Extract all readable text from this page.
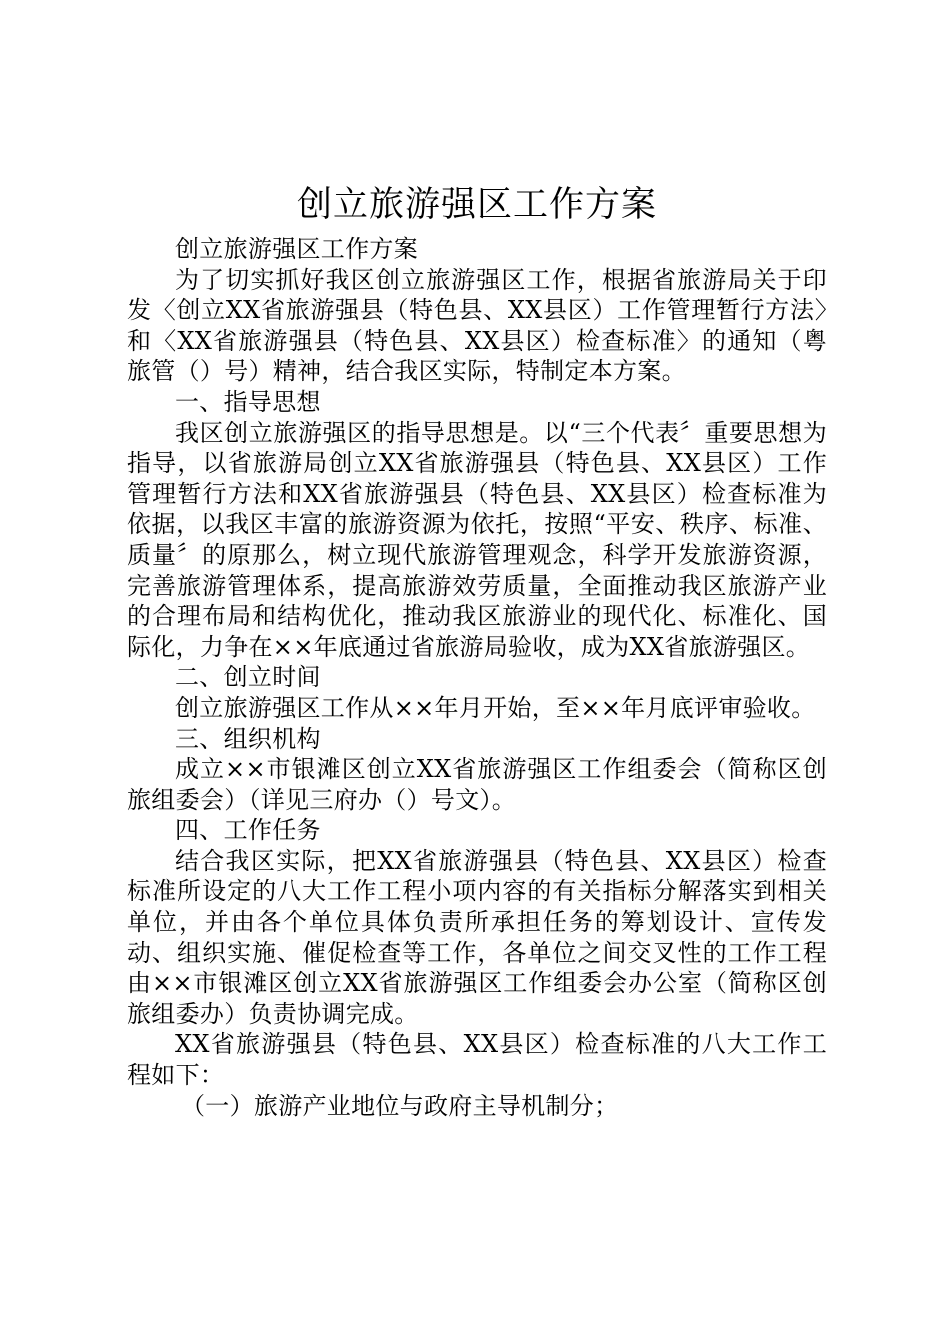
创立旅游强区工作方案

创立旅游强区工作方案

为了切实抓好我区创立旅游强区工作，根据省旅游局关于印发〈创立XX省旅游强县（特色县、XX县区）工作管理暂行方法〉和〈XX省旅游强县（特色县、XX县区）检查标准〉的通知（粤旅管（）号）精神，结合我区实际，特制定本方案。

一、指导思想

我区创立旅游强区的指导思想是。以“三个代表〞重要思想为指导，以省旅游局创立XX省旅游强县（特色县、XX县区）工作管理暂行方法和XX省旅游强县（特色县、XX县区）检查标准为依据，以我区丰富的旅游资源为依托，按照“平安、秩序、标准、质量〞的原那么，树立现代旅游管理观念，科学开发旅游资源，完善旅游管理体系，提高旅游效劳质量，全面推动我区旅游产业的合理布局和结构优化，推动我区旅游业的现代化、标准化、国际化，力争在××年底通过省旅游局验收，成为XX省旅游强区。

二、创立时间

创立旅游强区工作从××年月开始，至××年月底评审验收。

三、组织机构

成立××市银滩区创立XX省旅游强区工作组委会（简称区创旅组委会）（详见三府办（）号文）。

四、工作任务

结合我区实际，把XX省旅游强县（特色县、XX县区）检查标准所设定的八大工作工程小项内容的有关指标分解落实到相关单位，并由各个单位具体负责所承担任务的筹划设计、宣传发动、组织实施、催促检查等工作，各单位之间交叉性的工作工程由××市银滩区创立XX省旅游强区工作组委会办公室（简称区创旅组委办）负责协调完成。

XX省旅游强县（特色县、XX县区）检查标准的八大工作工程如下：

（一）旅游产业地位与政府主导机制分；
